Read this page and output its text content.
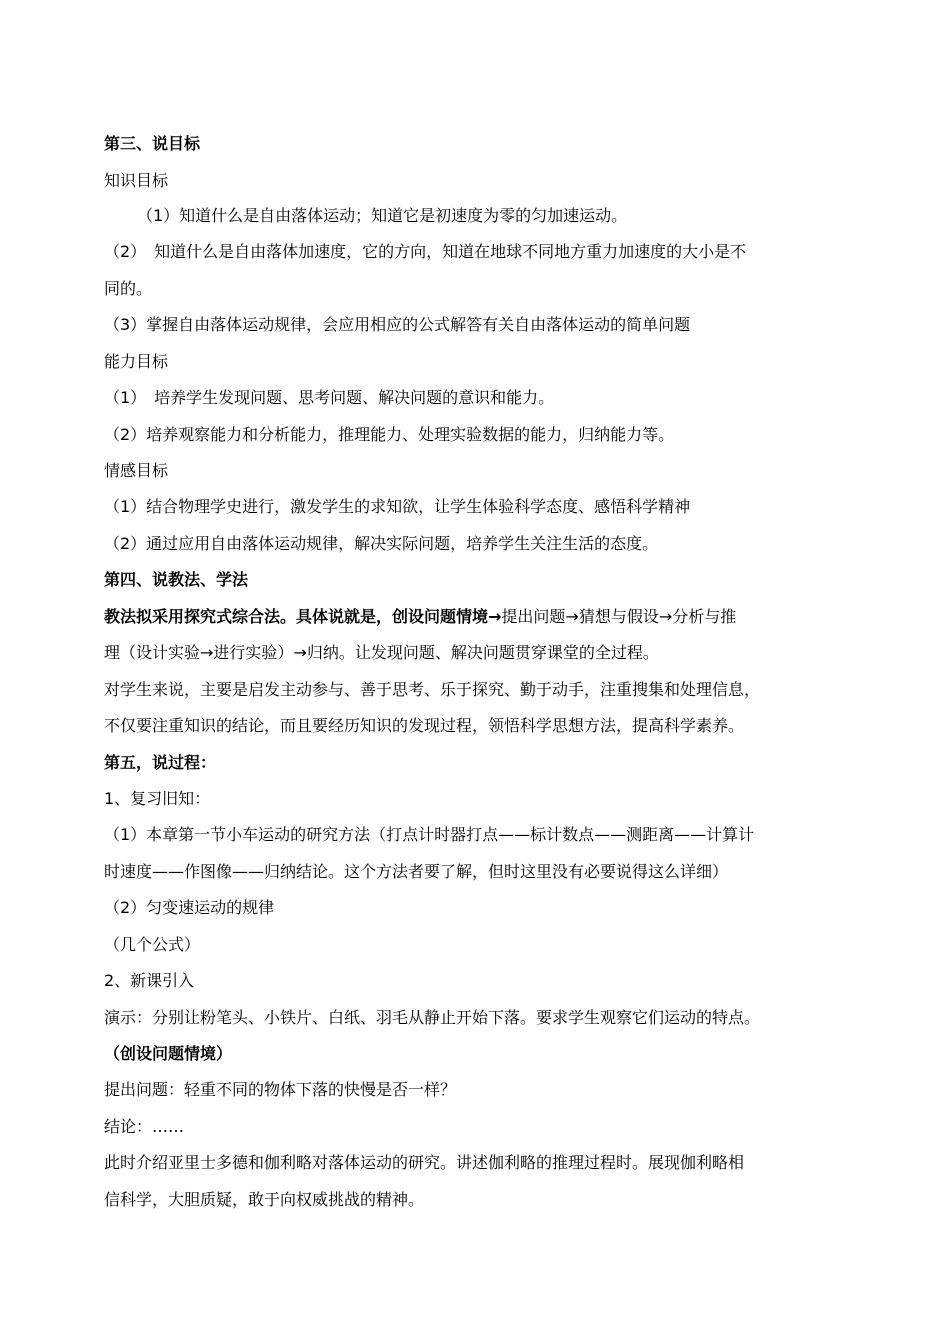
第三、说目标

知识目标

（1）知道什么是自由落体运动；知道它是初速度为零的匀加速运动。

（2）　知道什么是自由落体加速度，它的方向，知道在地球不同地方重力加速度的大小是不

同的。

（3）掌握自由落体运动规律，会应用相应的公式解答有关自由落体运动的简单问题

能力目标

（1）　培养学生发现问题、思考问题、解决问题的意识和能力。

（2）培养观察能力和分析能力，推理能力、处理实验数据的能力，归纳能力等。

情感目标

（1）结合物理学史进行，激发学生的求知欲，让学生体验科学态度、感悟科学精神

（2）通过应用自由落体运动规律，解决实际问题，培养学生关注生活的态度。

第四、说教法、学法

教法拟采用探究式综合法。具体说就是，创设问题情境→提出问题→猜想与假设→分析与推

理（设计实验→进行实验）→归纳。让发现问题、解决问题贯穿课堂的全过程。

对学生来说，主要是启发主动参与、善于思考、乐于探究、勤于动手，注重搜集和处理信息，

不仅要注重知识的结论，而且要经历知识的发现过程，领悟科学思想方法，提高科学素养。

第五，说过程：

1、复习旧知：

（1）本章第一节小车运动的研究方法（打点计时器打点——标计数点——测距离——计算计

时速度——作图像——归纳结论。这个方法者要了解，但时这里没有必要说得这么详细）

（2）匀变速运动的规律

（几个公式）

2、新课引入

演示：分别让粉笔头、小铁片、白纸、羽毛从静止开始下落。要求学生观察它们运动的特点。

（创设问题情境）

提出问题：轻重不同的物体下落的快慢是否一样？

结论：……

此时介绍亚里士多德和伽利略对落体运动的研究。讲述伽利略的推理过程时。展现伽利略相

信科学，大胆质疑，敢于向权威挑战的精神。
